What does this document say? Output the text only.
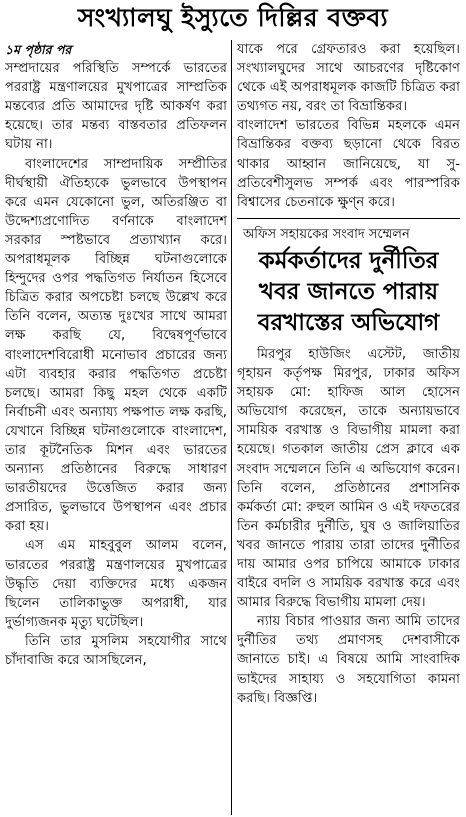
সংখ্যালঘু ইস্যুতে দিল্লির বক্তব্য

১ম পৃষ্ঠার পর

সম্প্রদায়ের পরিস্থিতি সম্পর্কে ভারতের পররাষ্ট্র মন্ত্রণালয়ের মুখপাত্রের সাম্প্রতিক মন্তব্যের প্রতি আমাদের দৃষ্টি আকর্ষণ করা হয়েছে। তার মন্তব্য বাস্তবতার প্রতিফলন ঘটায় না।

বাংলাদেশের সাম্প্রদায়িক সম্প্রীতির দীর্ঘস্থায়ী ঐতিহ্যকে ভুলভাবে উপস্থাপন করে এমন যেকোনো ভুল, অতিরঞ্জিত বা উদ্দেশ্যপ্রণোদিত বর্ণনাকে বাংলাদেশ সরকার স্পষ্টভাবে প্রত্যাখ্যান করে। অপরাধমূলক বিচ্ছিন্ন ঘটনাগুলোকে হিন্দুদের ওপর পদ্ধতিগত নির্যাতন হিসেবে চিত্রিত করার অপচেষ্টা চলছে উল্লেখ করে তিনি বলেন, অত্যন্ত দুঃখের সাথে আমরা লক্ষ করছি যে, বিদ্বেষপূর্ণভাবে বাংলাদেশবিরোধী মনোভাব প্রচারের জন্য এটা ব্যবহার করার পদ্ধতিগত প্রচেষ্টা চলছে। আমরা কিছু মহল থেকে একটি নির্বাচনী এবং অন্যায্য পক্ষপাত লক্ষ করছি, যেখানে বিচ্ছিন্ন ঘটনাগুলোকে বাংলাদেশ, তার কূটনৈতিক মিশন এবং ভারতের অন্যান্য প্রতিষ্ঠানের বিরুদ্ধে সাধারণ ভারতীয়দের উত্তেজিত করার জন্য প্রসারিত, ভুলভাবে উপস্থাপন এবং প্রচার করা হয়।

এস এম মাহবুবুল আলম বলেন, ভারতের পররাষ্ট্র মন্ত্রণালয়ের মুখপাত্রের উদ্ধৃতি দেয়া ব্যক্তিদের মধ্যে একজন ছিলেন তালিকাভুক্ত অপরাধী, যার দুর্ভাগ্যজনক মৃত্যু ঘটেছিল।

তিনি তার মুসলিম সহযোগীর সাথে চাঁদাবাজি করে আসছিলেন,

যাকে পরে গ্রেফতারও করা হয়েছিল। সংখ্যালঘুদের সাথে আচরণের দৃষ্টিকোণ থেকে এই অপরাধমূলক কাজটি চিত্রিত করা তথ্যগত নয়, বরং তা বিভ্রান্তিকর।

বাংলাদেশ ভারতের বিভিন্ন মহলকে এমন বিভ্রান্তিকর বক্তব্য ছড়ানো থেকে বিরত থাকার আহ্বান জানিয়েছে, যা সু-প্রতিবেশীসুলভ সম্পর্ক এবং পারস্পরিক বিশ্বাসের চেতনাকে ক্ষুণ্ন করে।

অফিস সহায়কের সংবাদ সম্মেলন
কর্মকর্তাদের দুর্নীতির
খবর জানতে পারায়
বরখাস্তের অভিযোগ

মিরপুর হাউজিং এস্টেট, জাতীয় গৃহায়ন কর্তৃপক্ষ মিরপুর, ঢাকার অফিস সহায়ক মো: হাফিজ আল হোসেন অভিযোগ করেছেন, তাকে অন্যায়ভাবে সাময়িক বরখাস্ত ও বিভাগীয় মামলা করা হয়েছে। গতকাল জাতীয় প্রেস ক্লাবে এক সংবাদ সম্মেলনে তিনি এ অভিযোগ করেন। তিনি বলেন, প্রতিষ্ঠানের প্রশাসনিক কর্মকর্তা মো: রুহুল আমিন ও এই দফতরের তিন কর্মচারীর দুর্নীতি, ঘুষ ও জালিয়াতির খবর জানতে পারায় তারা তাদের দুর্নীতির দায় আমার ওপর চাপিয়ে আমাকে ঢাকার বাইরে বদলি ও সাময়িক বরখাস্ত করে এবং আমার বিরুদ্ধে বিভাগীয় মামলা দেয়।

ন্যায় বিচার পাওয়ার জন্য আমি তাদের দুর্নীতির তথ্য প্রমাণসহ দেশবাসীকে জানাতে চাই। এ বিষয়ে আমি সাংবাদিক ভাইদের সাহায্য ও সহযোগিতা কামনা করছি। বিজ্ঞপ্তি।
